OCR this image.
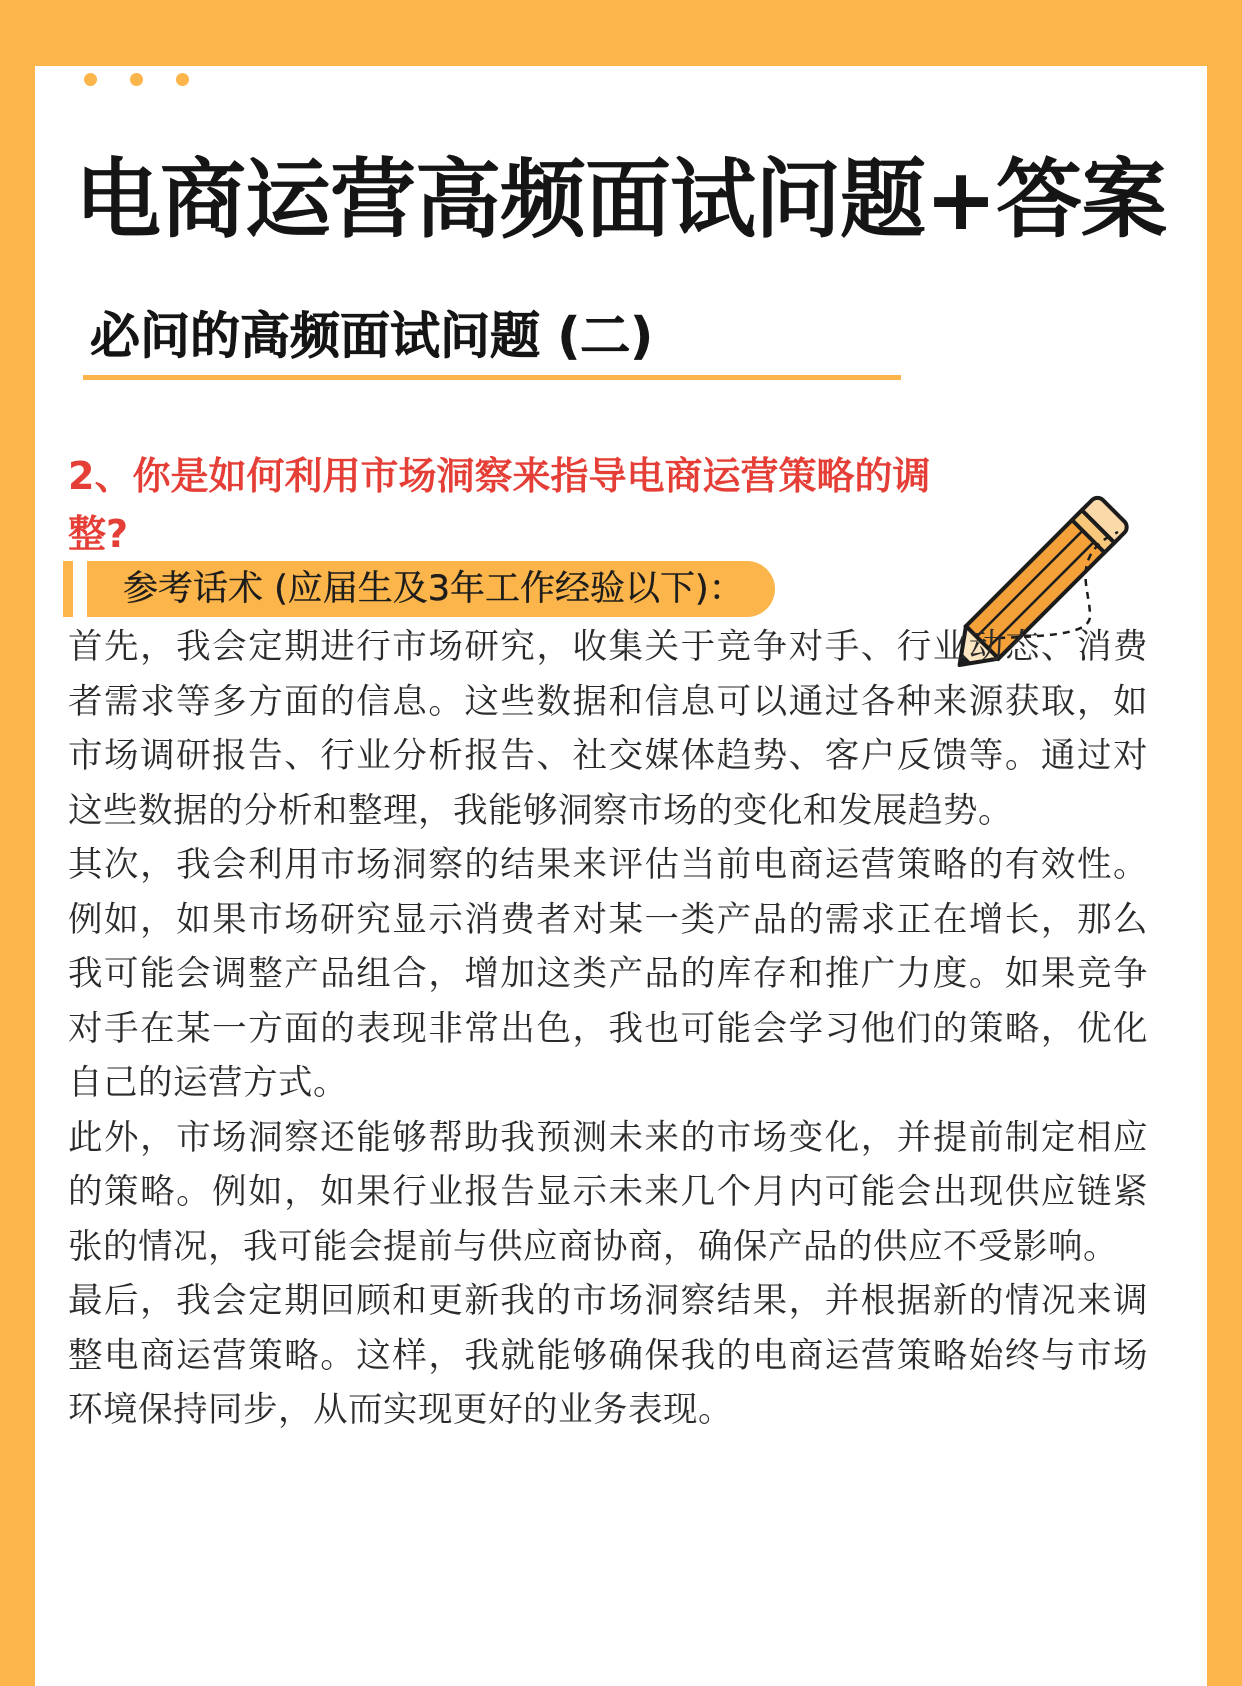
电商运营高频面试问题+答案
必问的高频面试问题 (二)

2、你是如何利用市场洞察来指导电商运营策略的调整?

参考话术 (应届生及3年工作经验以下)：

首先，我会定期进行市场研究，收集关于竞争对手、行业动态、消费者需求等多方面的信息。这些数据和信息可以通过各种来源获取，如市场调研报告、行业分析报告、社交媒体趋势、客户反馈等。通过对这些数据的分析和整理，我能够洞察市场的变化和发展趋势。

其次，我会利用市场洞察的结果来评估当前电商运营策略的有效性。例如，如果市场研究显示消费者对某一类产品的需求正在增长，那么我可能会调整产品组合，增加这类产品的库存和推广力度。如果竞争对手在某一方面的表现非常出色，我也可能会学习他们的策略，优化自己的运营方式。

此外，市场洞察还能够帮助我预测未来的市场变化，并提前制定相应的策略。例如，如果行业报告显示未来几个月内可能会出现供应链紧张的情况，我可能会提前与供应商协商，确保产品的供应不受影响。

最后，我会定期回顾和更新我的市场洞察结果，并根据新的情况来调整电商运营策略。这样，我就能够确保我的电商运营策略始终与市场环境保持同步，从而实现更好的业务表现。
